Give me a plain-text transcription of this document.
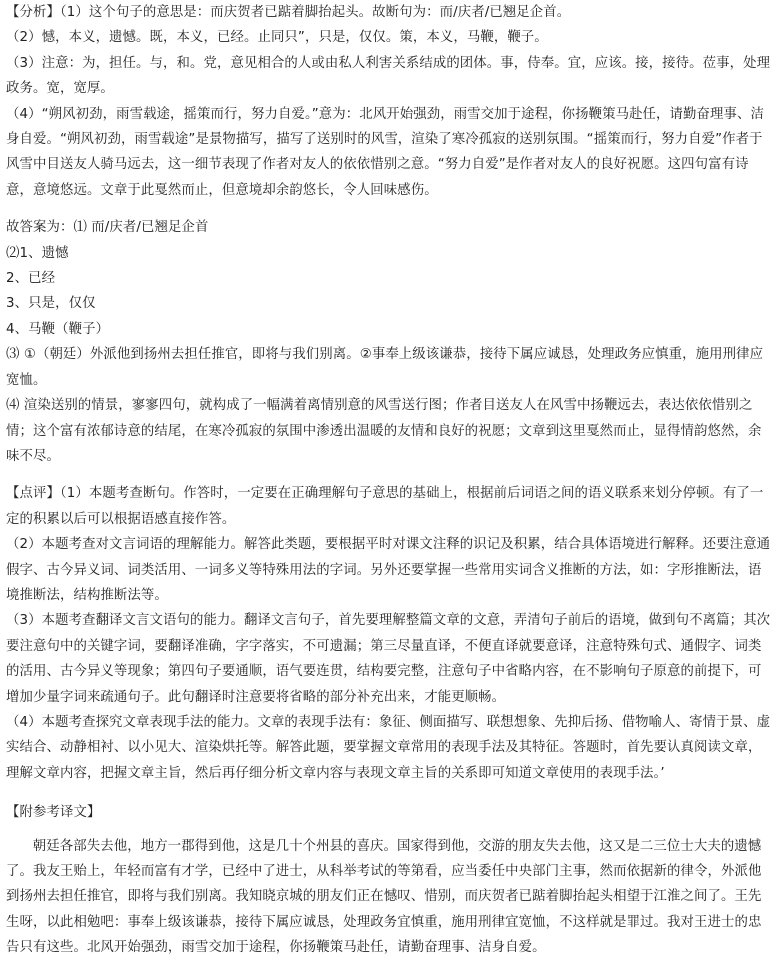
【分析】（1）这个句子的意思是：而庆贺者已踮着脚抬起头。故断句为：而/庆者/已翘足企首。

（2）憾，本义，遗憾。既，本义，已经。止同只”，只是，仅仅。策，本义，马鞭，鞭子。

（3）注意：为，担任。与，和。党，意见相合的人或由私人利害关系结成的团体。事，侍奉。宜，应该。接，接待。莅事，处理政务。宽，宽厚。

（4）“朔风初劲，雨雪载途，摇策而行，努力自爱。”意为：北风开始强劲，雨雪交加于途程，你扬鞭策马赴任，请勤奋理事、洁身自爱。“朔风初劲，雨雪载途”是景物描写，描写了送别时的风雪，渲染了寒冷孤寂的送别氛围。“摇策而行，努力自爱”作者于风雪中目送友人骑马远去，这一细节表现了作者对友人的依依惜别之意。“努力自爱”是作者对友人的良好祝愿。这四句富有诗意，意境悠远。文章于此戛然而止，但意境却余韵悠长，令人回味感伤。

故答案为：⑴ 而/庆者/已翘足企首

⑵1、遗憾

2、已经

3、只是，仅仅

4、马鞭（鞭子）

⑶ ①（朝廷）外派他到扬州去担任推官，即将与我们别离。②事奉上级该谦恭，接待下属应诚恳，处理政务应慎重，施用刑律应宽恤。

⑷ 渲染送别的情景，寥寥四句，就构成了一幅满着离情别意的风雪送行图；作者目送友人在风雪中扬鞭远去，表达依依惜别之情；这个富有浓郁诗意的结尾，在寒冷孤寂的氛围中渗透出温暖的友情和良好的祝愿；文章到这里戛然而止，显得情韵悠然，余味不尽。

【点评】（1）本题考查断句。作答时，一定要在正确理解句子意思的基础上，根据前后词语之间的语义联系来划分停顿。有了一定的积累以后可以根据语感直接作答。

（2）本题考查对文言词语的理解能力。解答此类题，要根据平时对课文注释的识记及积累，结合具体语境进行解释。还要注意通假字、古今异义词、词类活用、一词多义等特殊用法的字词。另外还要掌握一些常用实词含义推断的方法，如：字形推断法，语境推断法，结构推断法等。

（3）本题考查翻译文言文语句的能力。翻译文言句子，首先要理解整篇文章的文意，弄清句子前后的语境，做到句不离篇；其次要注意句中的关键字词，要翻译准确，字字落实，不可遗漏；第三尽量直译，不便直译就要意译，注意特殊句式、通假字、词类的活用、古今异义等现象；第四句子要通顺，语气要连贯，结构要完整，注意句子中省略内容，在不影响句子原意的前提下，可增加少量字词来疏通句子。此句翻译时注意要将省略的部分补充出来，才能更顺畅。

（4）本题考查探究文章表现手法的能力。文章的表现手法有：象征、侧面描写、联想想象、先抑后扬、借物喻人、寄情于景、虚实结合、动静相衬、以小见大、渲染烘托等。解答此题，要掌握文章常用的表现手法及其特征。答题时，首先要认真阅读文章，理解文章内容，把握文章主旨，然后再仔细分析文章内容与表现文章主旨的关系即可知道文章使用的表现手法。’

【附参考译文】

朝廷各部失去他，地方一郡得到他，这是几十个州县的喜庆。国家得到他，交游的朋友失去他，这又是二三位士大夫的遗憾了。我友王贻上，年轻而富有才学，已经中了进士，从科举考试的等第看，应当委任中央部门主事，然而依据新的律令，外派他到扬州去担任推官，即将与我们别离。我知晓京城的朋友们正在憾叹、惜别，而庆贺者已踮着脚抬起头相望于江淮之间了。王先生呀，以此相勉吧：事奉上级该谦恭，接待下属应诚恳，处理政务宜慎重，施用刑律宜宽恤，不这样就是罪过。我对王进士的忠告只有这些。北风开始强劲，雨雪交加于途程，你扬鞭策马赴任，请勤奋理事、洁身自爱。
